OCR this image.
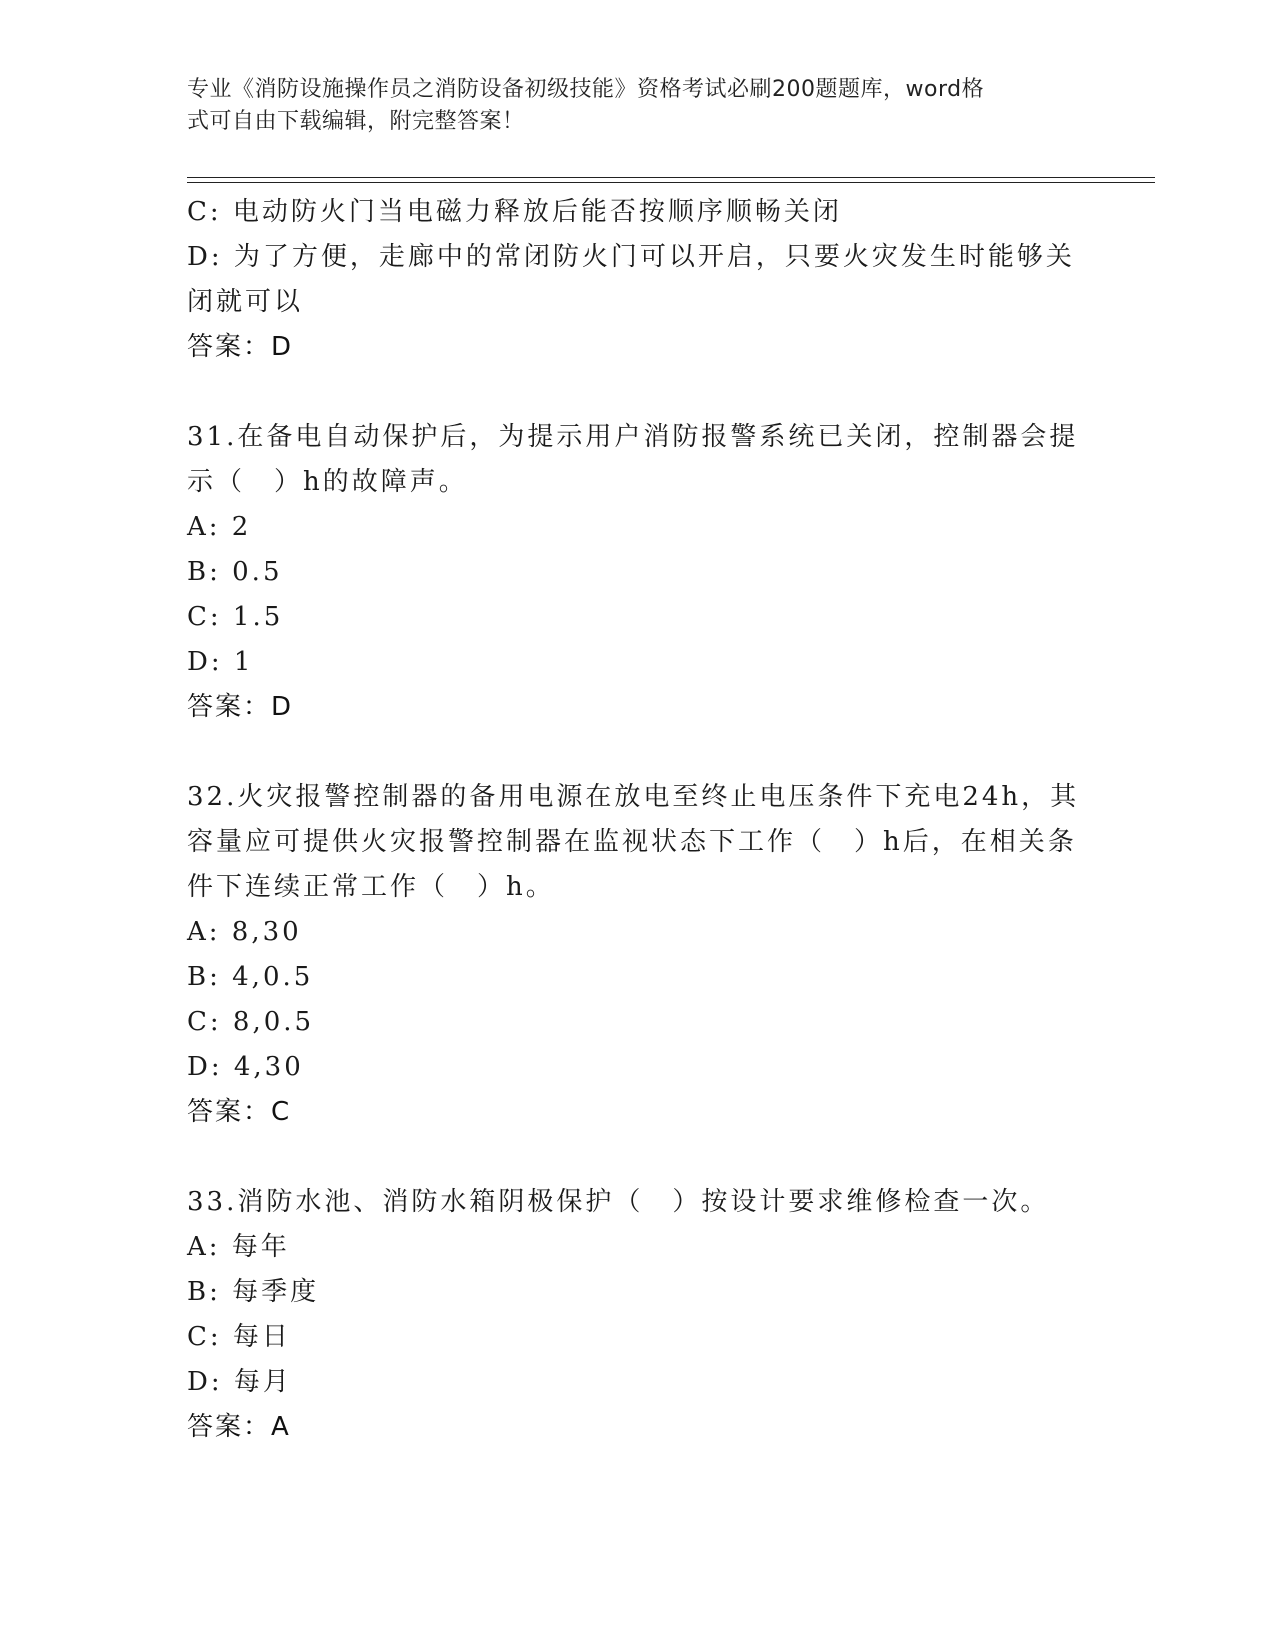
专业《消防设施操作员之消防设备初级技能》资格考试必刷200题题库，word格
式可自由下载编辑，附完整答案！
C: 电动防火门当电磁力释放后能否按顺序顺畅关闭
D: 为了方便，走廊中的常闭防火门可以开启，只要火灾发生时能够关
闭就可以
答案：D
31.在备电自动保护后，为提示用户消防报警系统已关闭，控制器会提
示（　）h的故障声。
A: 2
B: 0.5
C: 1.5
D: 1
答案：D
32.火灾报警控制器的备用电源在放电至终止电压条件下充电24h，其
容量应可提供火灾报警控制器在监视状态下工作（　）h后，在相关条
件下连续正常工作（　）h。
A: 8,30
B: 4,0.5
C: 8,0.5
D: 4,30
答案：C
33.消防水池、消防水箱阴极保护（　）按设计要求维修检查一次。
A: 每年
B: 每季度
C: 每日
D: 每月
答案：A
